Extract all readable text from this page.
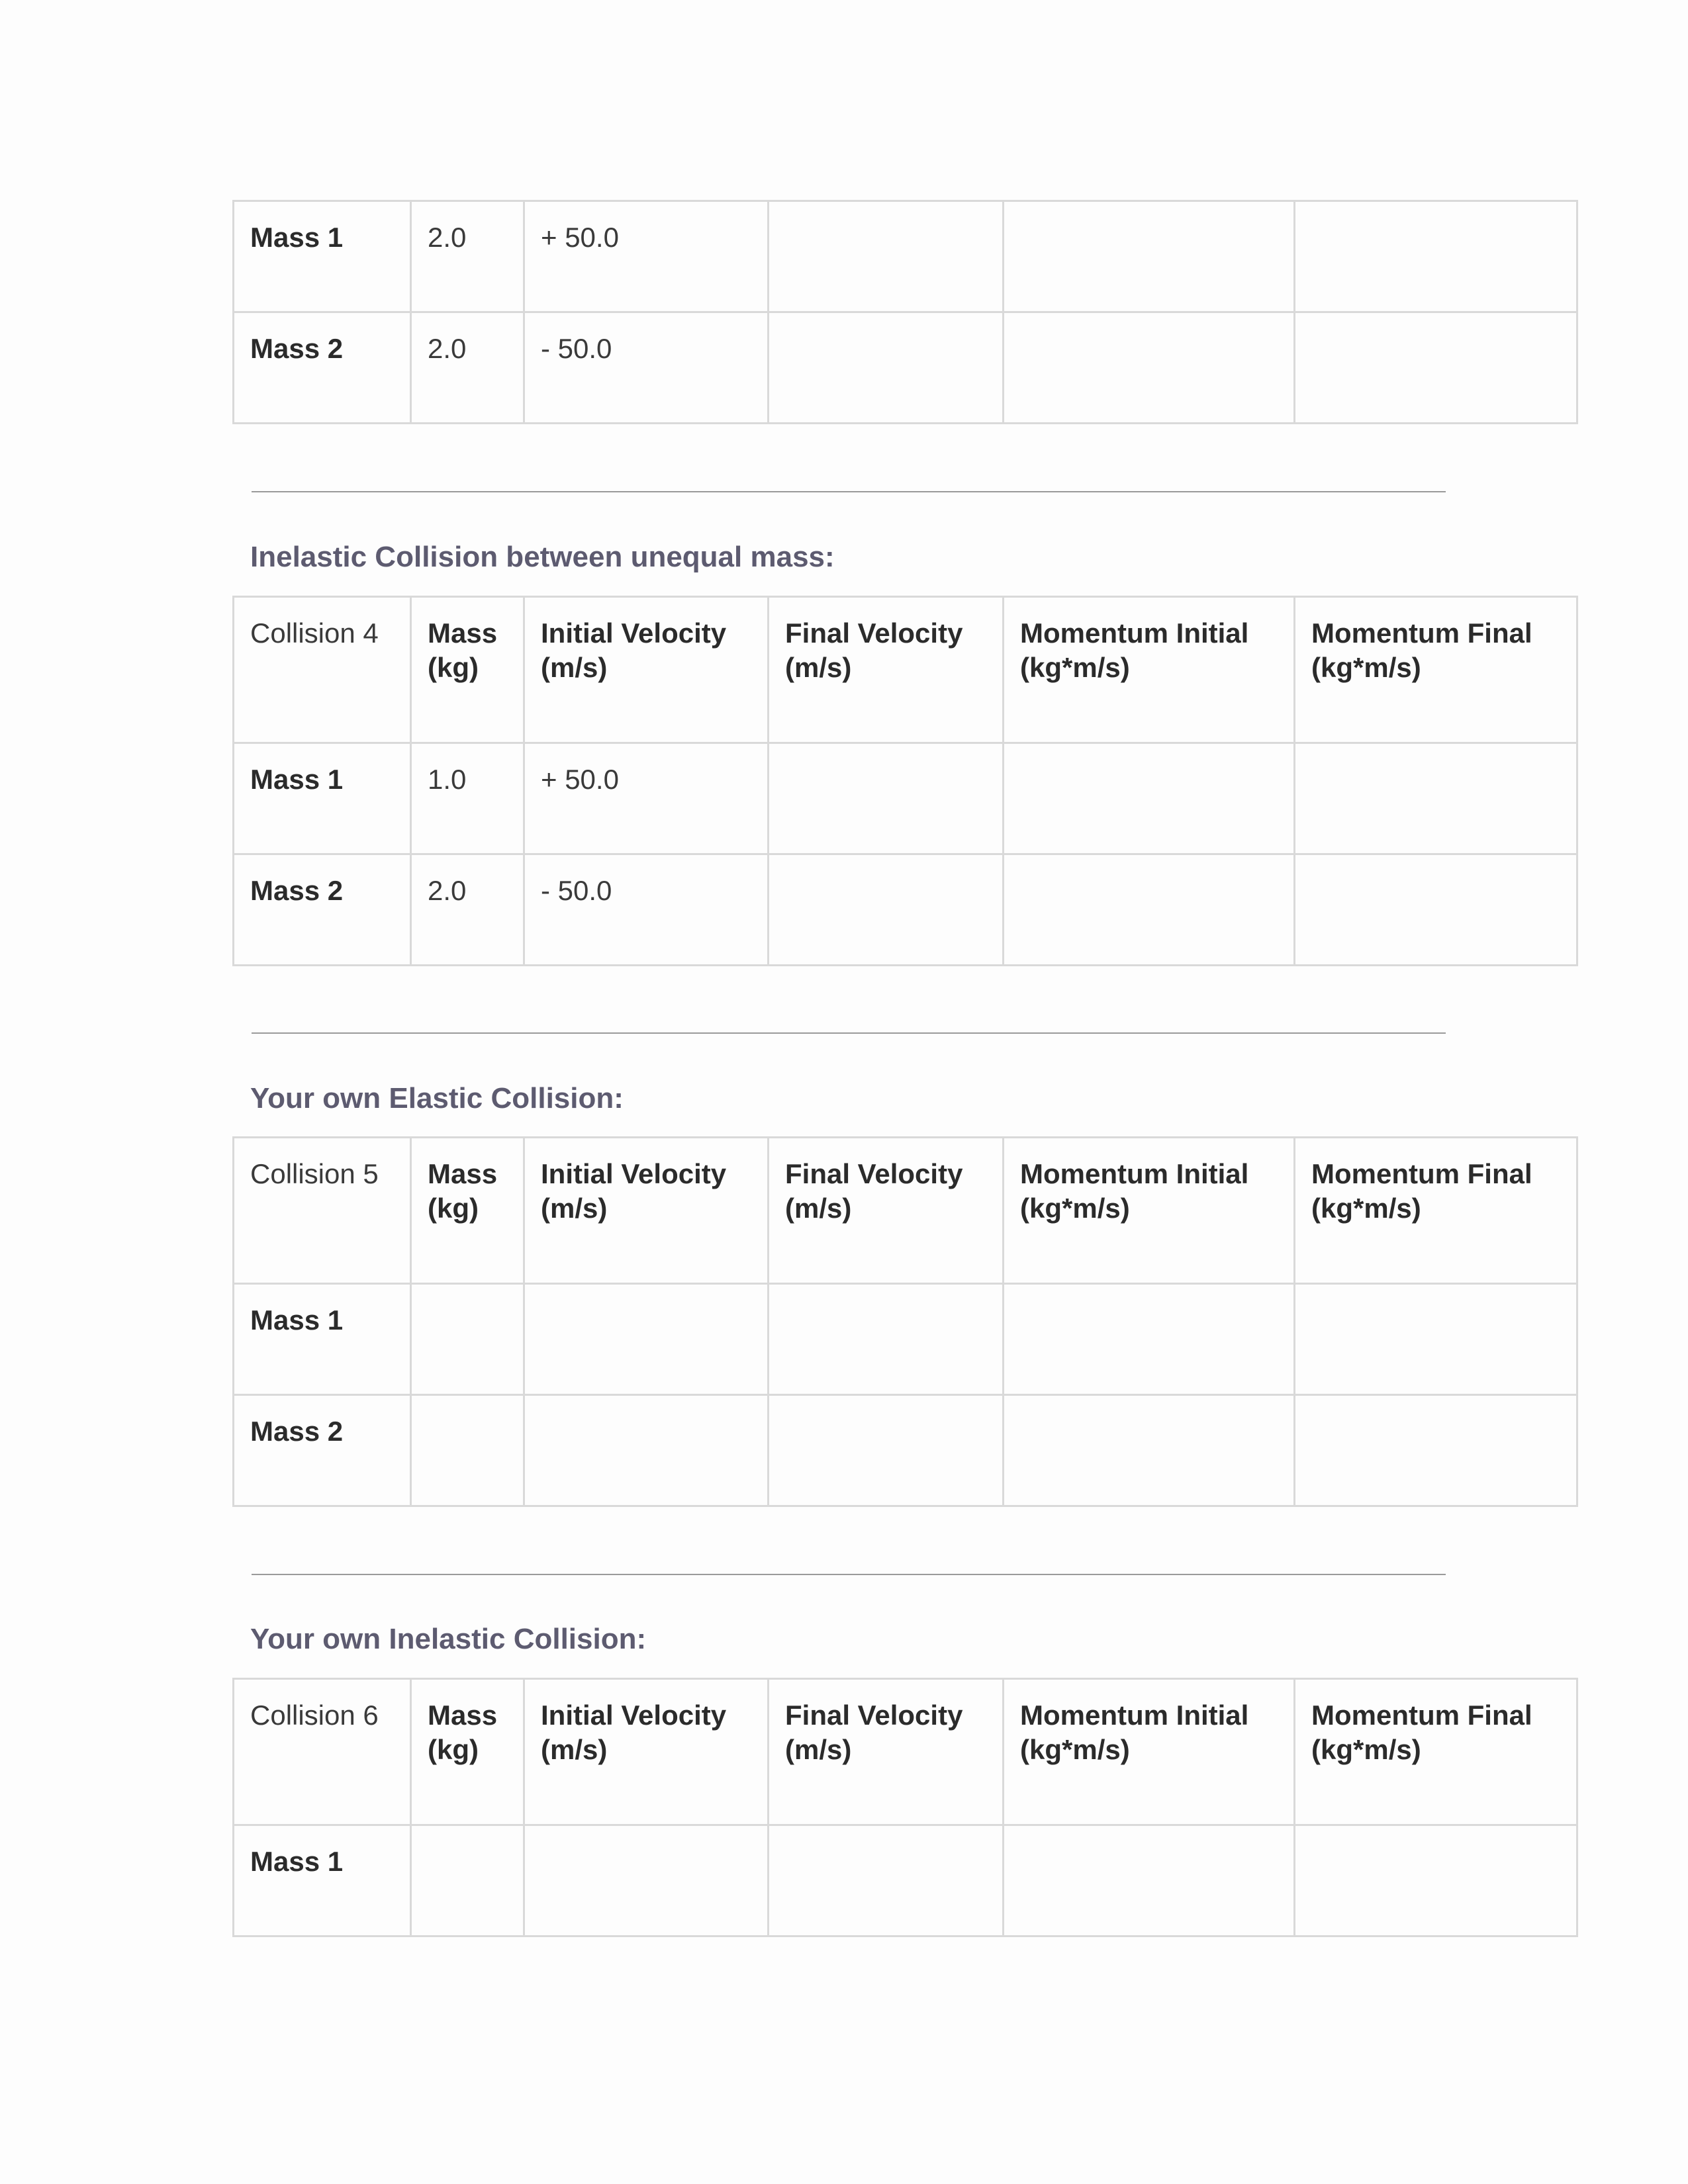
Mass 1	2.0	+ 50.0			
Mass 2	2.0	- 50.0			
Inelastic Collision between unequal mass:
Collision 4	Mass (kg)	Initial Velocity (m/s)	Final Velocity (m/s)	Momentum Initial (kg*m/s)	Momentum Final (kg*m/s)
Mass 1	1.0	+ 50.0			
Mass 2	2.0	- 50.0			
Your own Elastic Collision:
Collision 5	Mass (kg)	Initial Velocity (m/s)	Final Velocity (m/s)	Momentum Initial (kg*m/s)	Momentum Final (kg*m/s)
Mass 1					
Mass 2					
Your own Inelastic Collision:
Collision 6	Mass (kg)	Initial Velocity (m/s)	Final Velocity (m/s)	Momentum Initial (kg*m/s)	Momentum Final (kg*m/s)
Mass 1					
